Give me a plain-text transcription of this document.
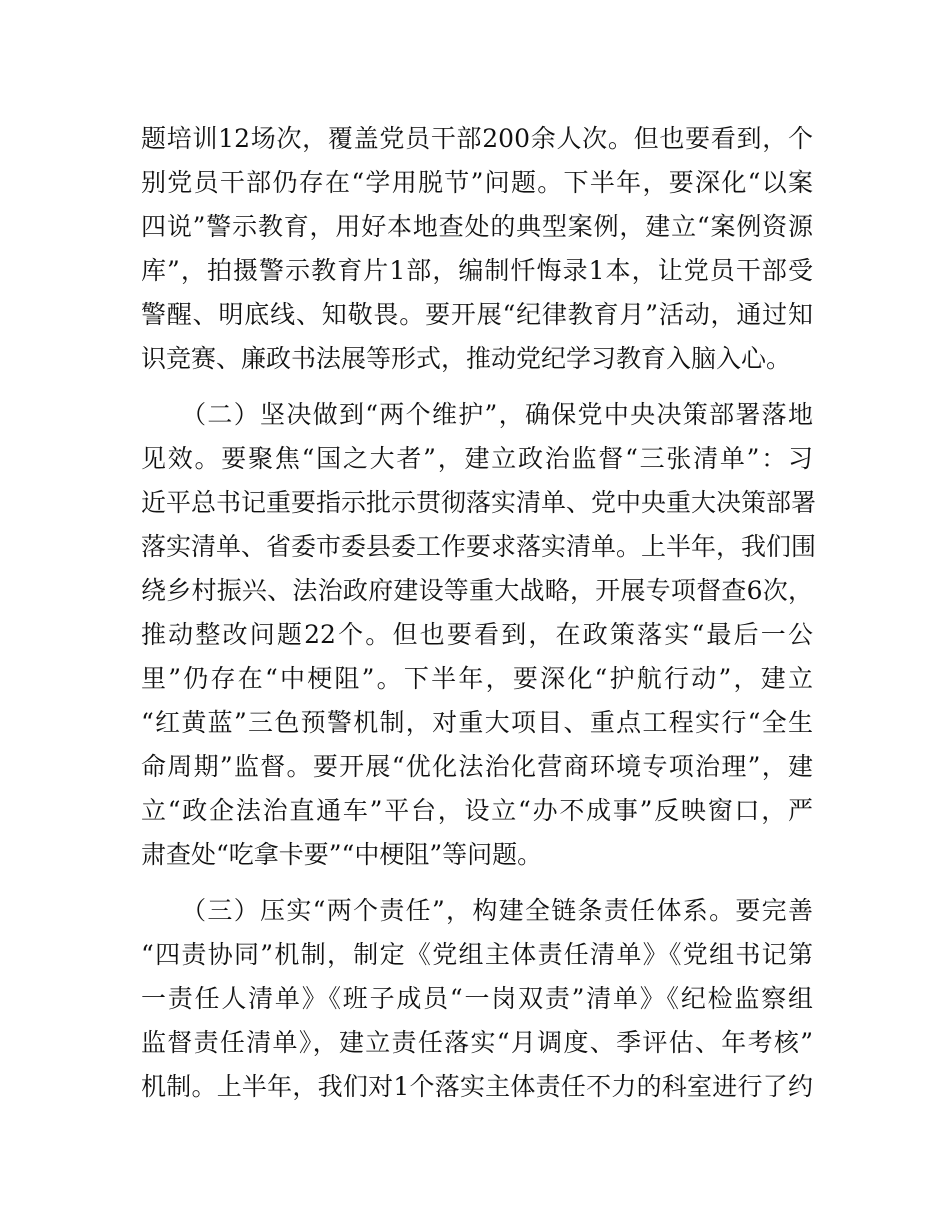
题培训12场次，覆盖党员干部200余人次。但也要看到，个
别党员干部仍存在“学用脱节”问题。下半年，要深化“以案
四说”警示教育，用好本地查处的典型案例，建立“案例资源
库”，拍摄警示教育片1部，编制忏悔录1本，让党员干部受
警醒、明底线、知敬畏。要开展“纪律教育月”活动，通过知
识竞赛、廉政书法展等形式，推动党纪学习教育入脑入心。
　　（二）坚决做到“两个维护”，确保党中央决策部署落地
见效。要聚焦“国之大者”，建立政治监督“三张清单”：习
近平总书记重要指示批示贯彻落实清单、党中央重大决策部署
落实清单、省委市委县委工作要求落实清单。上半年，我们围
绕乡村振兴、法治政府建设等重大战略，开展专项督查6次，
推动整改问题22个。但也要看到，在政策落实“最后一公
里”仍存在“中梗阻”。下半年，要深化“护航行动”，建立
“红黄蓝”三色预警机制，对重大项目、重点工程实行“全生
命周期”监督。要开展“优化法治化营商环境专项治理”，建
立“政企法治直通车”平台，设立“办不成事”反映窗口，严
肃查处“吃拿卡要”“中梗阻”等问题。
　　（三）压实“两个责任”，构建全链条责任体系。要完善
“四责协同”机制，制定《党组主体责任清单》《党组书记第
一责任人清单》《班子成员“一岗双责”清单》《纪检监察组
监督责任清单》，建立责任落实“月调度、季评估、年考核”
机制。上半年，我们对1个落实主体责任不力的科室进行了约
